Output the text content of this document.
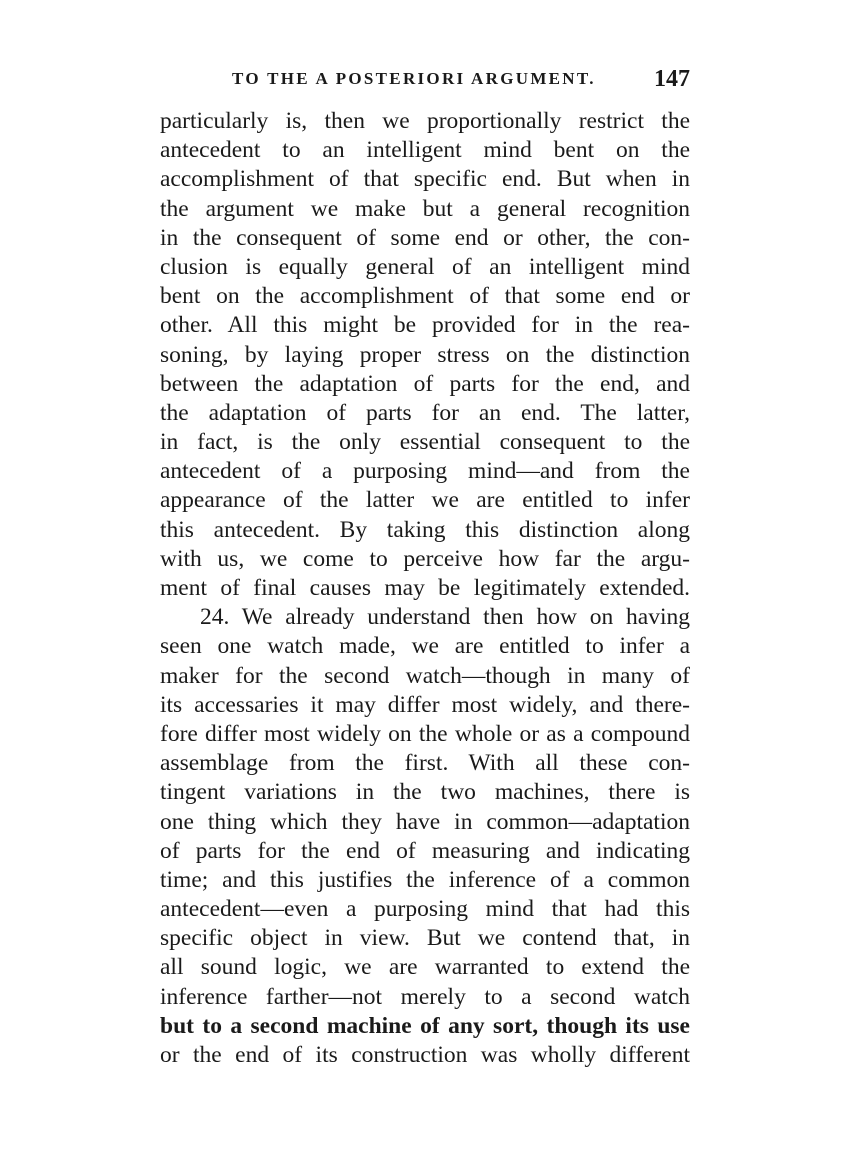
TO THE A POSTERIORI ARGUMENT. 147
particularly is, then we proportionally restrict the
antecedent to an intelligent mind bent on the
accomplishment of that specific end. But when in
the argument we make but a general recognition
in the consequent of some end or other, the con-
clusion is equally general of an intelligent mind
bent on the accomplishment of that some end or
other. All this might be provided for in the rea-
soning, by laying proper stress on the distinction
between the adaptation of parts for the end, and
the adaptation of parts for an end. The latter,
in fact, is the only essential consequent to the
antecedent of a purposing mind—and from the
appearance of the latter we are entitled to infer
this antecedent. By taking this distinction along
with us, we come to perceive how far the argu-
ment of final causes may be legitimately extended.
24. We already understand then how on having
seen one watch made, we are entitled to infer a
maker for the second watch—though in many of
its accessaries it may differ most widely, and there-
fore differ most widely on the whole or as a compound
assemblage from the first. With all these con-
tingent variations in the two machines, there is
one thing which they have in common—adaptation
of parts for the end of measuring and indicating
time; and this justifies the inference of a common
antecedent—even a purposing mind that had this
specific object in view. But we contend that, in
all sound logic, we are warranted to extend the
inference farther—not merely to a second watch
but to a second machine of any sort, though its use
or the end of its construction was wholly different
